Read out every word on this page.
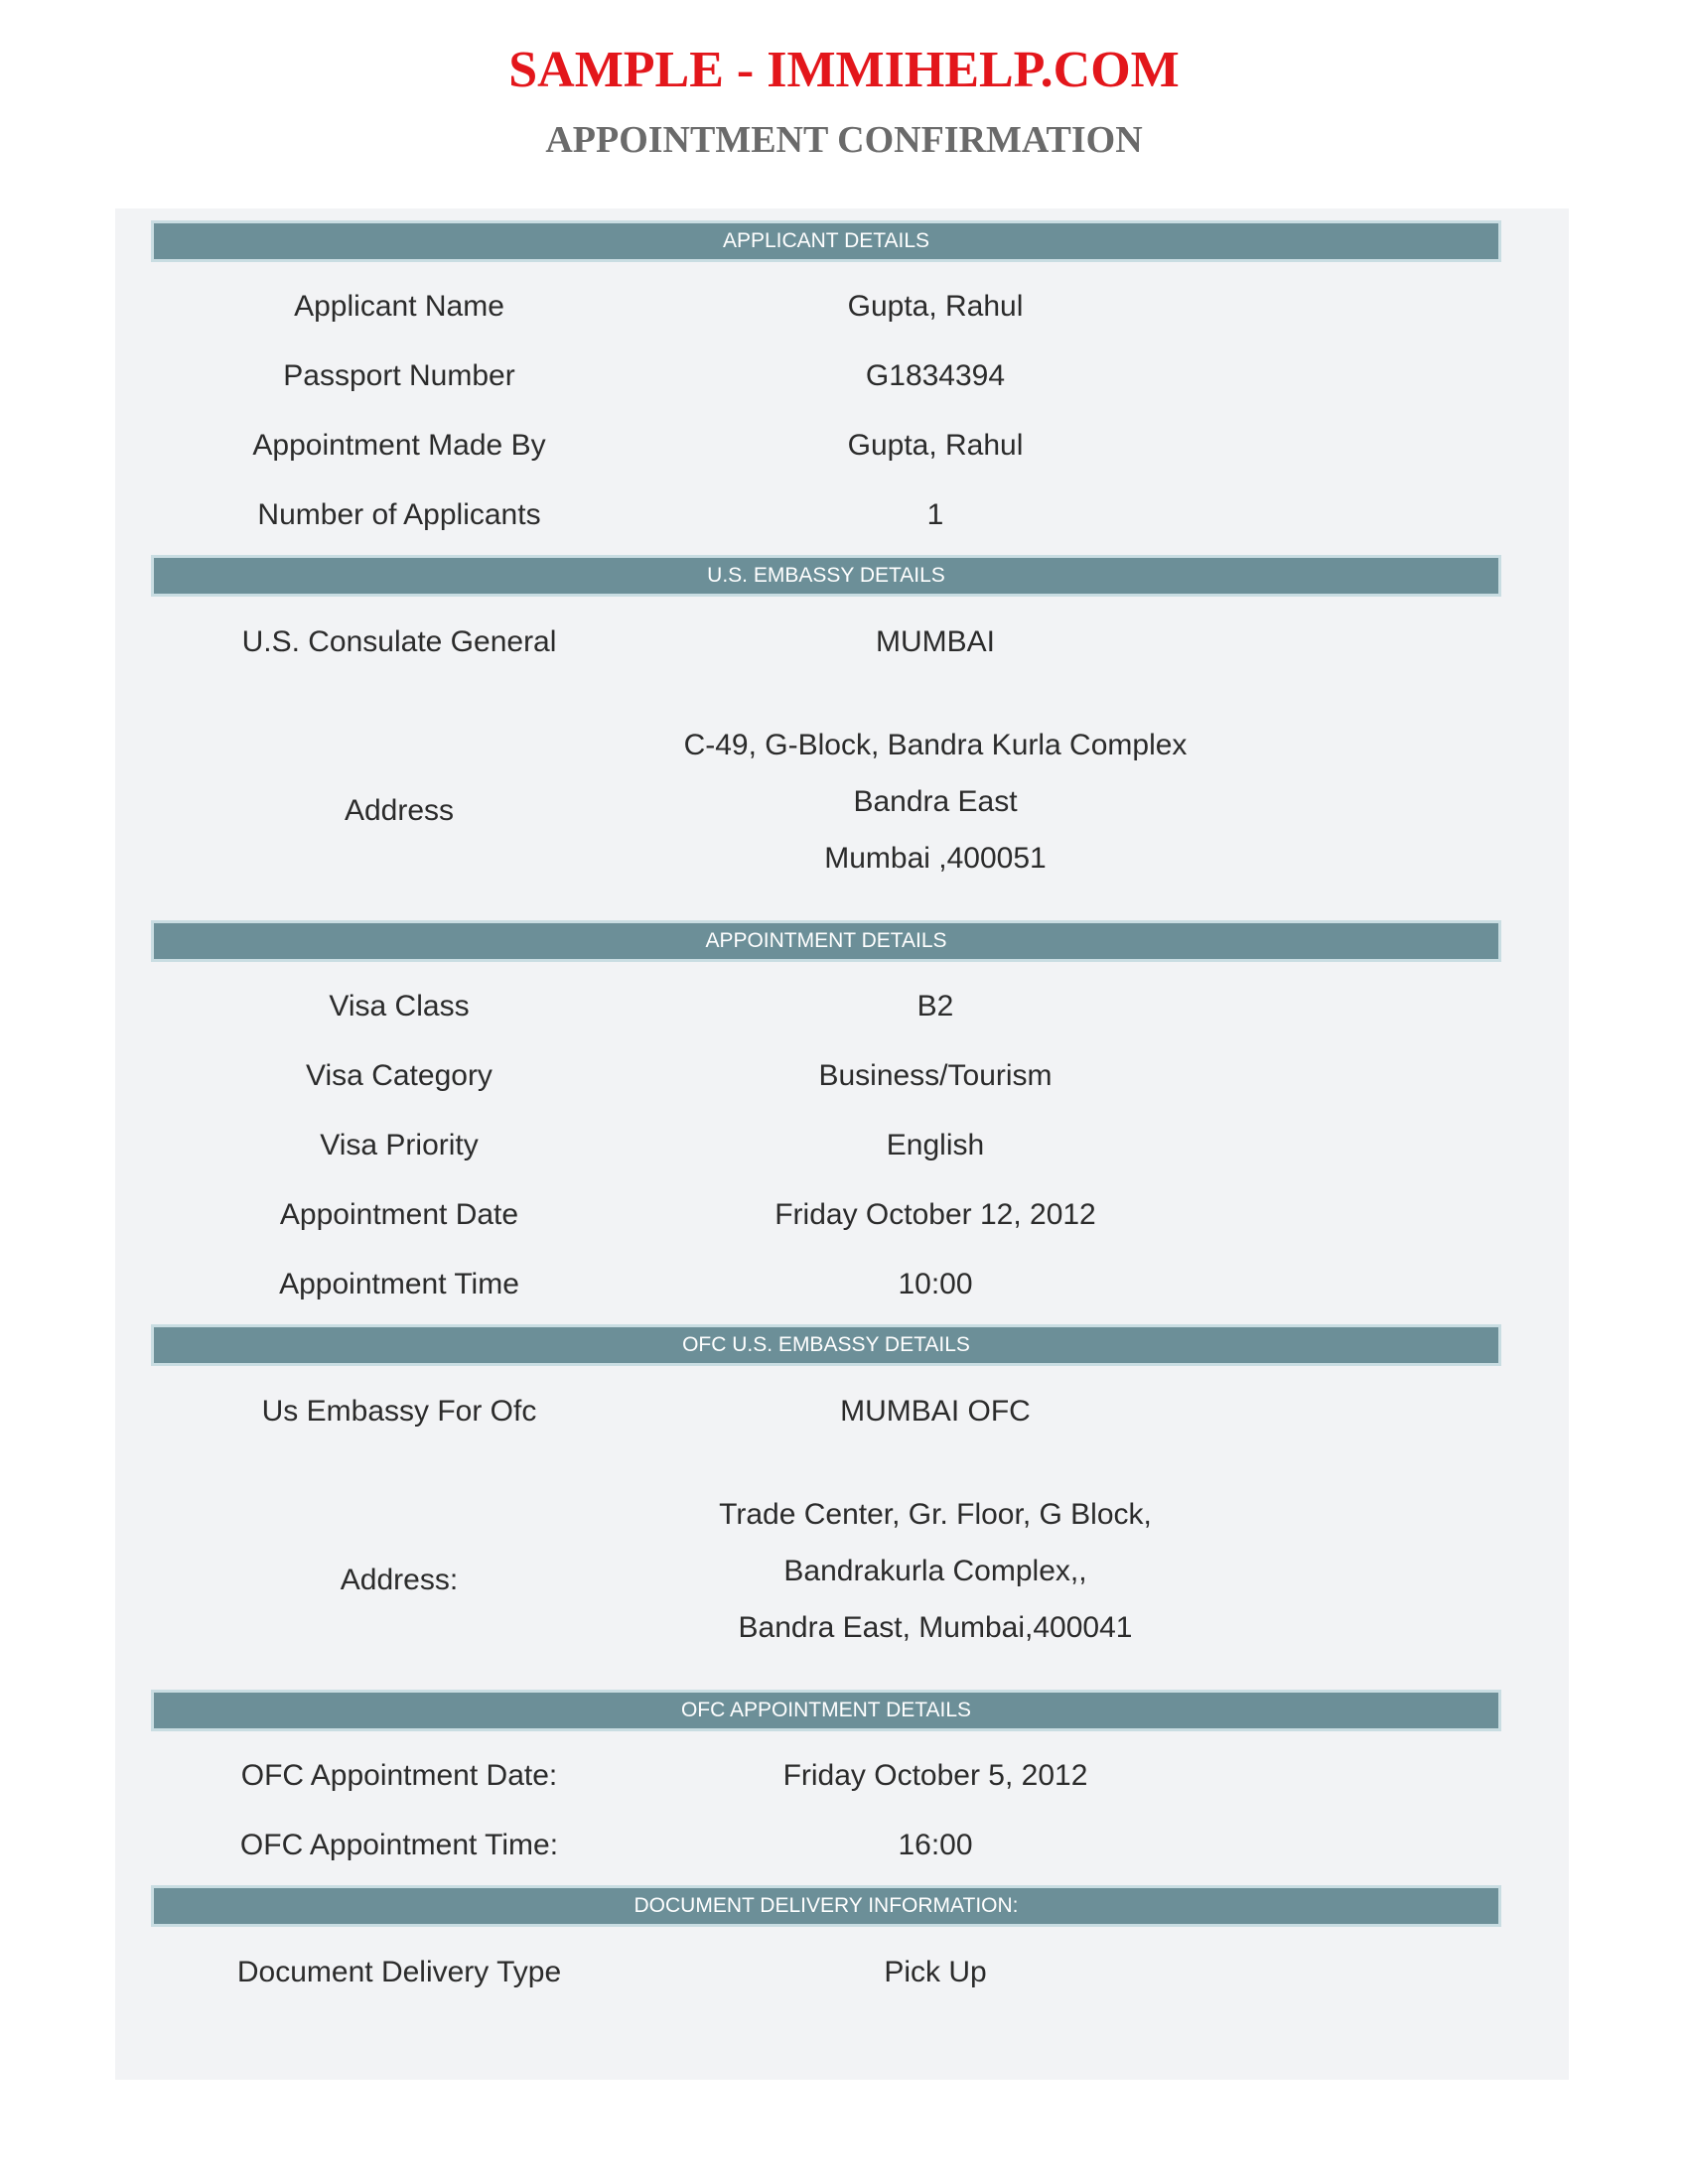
SAMPLE - IMMIHELP.COM
APPOINTMENT CONFIRMATION
APPLICANT DETAILS
Applicant Name	Gupta, Rahul
Passport Number	G1834394
Appointment Made By	Gupta, Rahul
Number of Applicants	1
U.S. EMBASSY DETAILS
U.S. Consulate General	MUMBAI
Address
C-49, G-Block, Bandra Kurla Complex
Bandra East
Mumbai ,400051
APPOINTMENT DETAILS
Visa Class	B2
Visa Category	Business/Tourism
Visa Priority	English
Appointment Date	Friday October 12, 2012
Appointment Time	10:00
OFC U.S. EMBASSY DETAILS
Us Embassy For Ofc	MUMBAI OFC
Address:
Trade Center, Gr. Floor, G Block,
Bandrakurla Complex,,
Bandra East, Mumbai,400041
OFC APPOINTMENT DETAILS
OFC Appointment Date:	Friday October 5, 2012
OFC Appointment Time:	16:00
DOCUMENT DELIVERY INFORMATION:
Document Delivery Type	Pick Up
